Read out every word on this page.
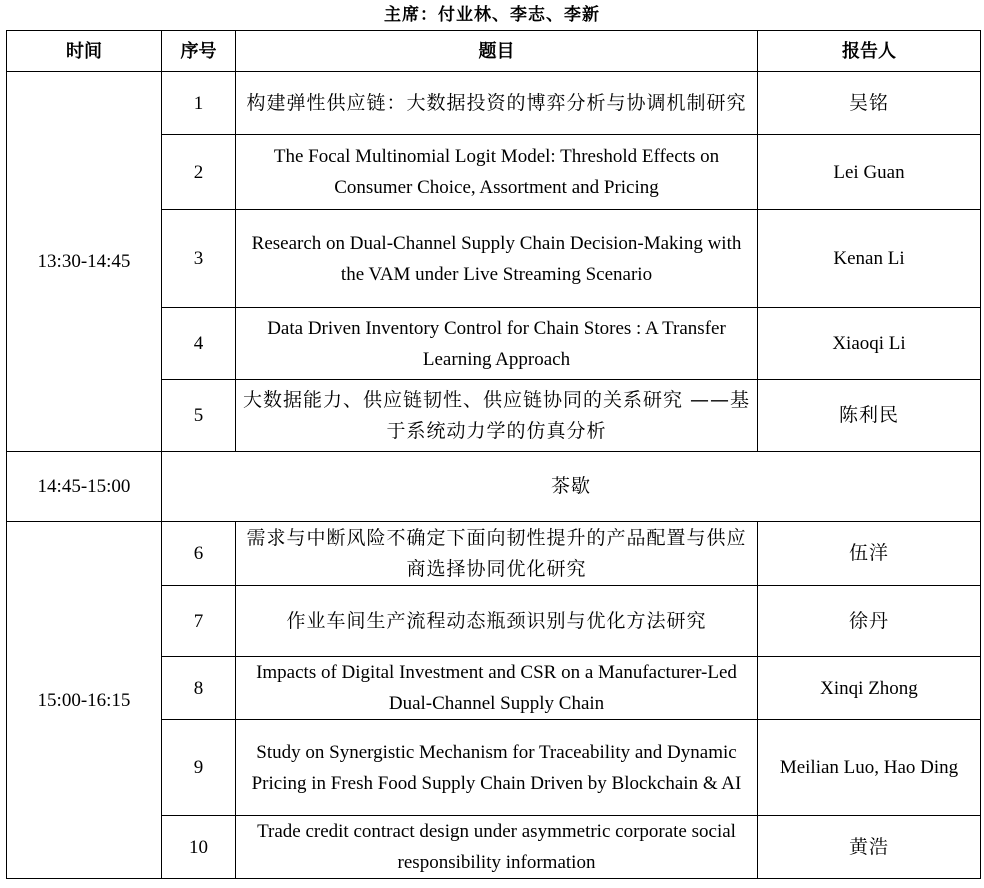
主席：付业林、李志、李新
时间	序号	题目	报告人
13:30-14:45	1	构建弹性供应链：大数据投资的博弈分析与协调机制研究	吴铭
	2	The Focal Multinomial Logit Model: Threshold Effects on Consumer Choice, Assortment and Pricing	Lei Guan
	3	Research on Dual-Channel Supply Chain Decision-Making with the VAM under Live Streaming Scenario	Kenan Li
	4	Data Driven Inventory Control for Chain Stores : A Transfer Learning Approach	Xiaoqi Li
	5	大数据能力、供应链韧性、供应链协同的关系研究 ——基于系统动力学的仿真分析	陈利民
14:45-15:00	茶歇		
15:00-16:15	6	需求与中断风险不确定下面向韧性提升的产品配置与供应商选择协同优化研究	伍洋
	7	作业车间生产流程动态瓶颈识别与优化方法研究	徐丹
	8	Impacts of Digital Investment and CSR on a Manufacturer-Led Dual-Channel Supply Chain	Xinqi Zhong
	9	Study on Synergistic Mechanism for Traceability and Dynamic Pricing in Fresh Food Supply Chain Driven by Blockchain & AI	Meilian Luo, Hao Ding
	10	Trade credit contract design under asymmetric corporate social responsibility information	黄浩
